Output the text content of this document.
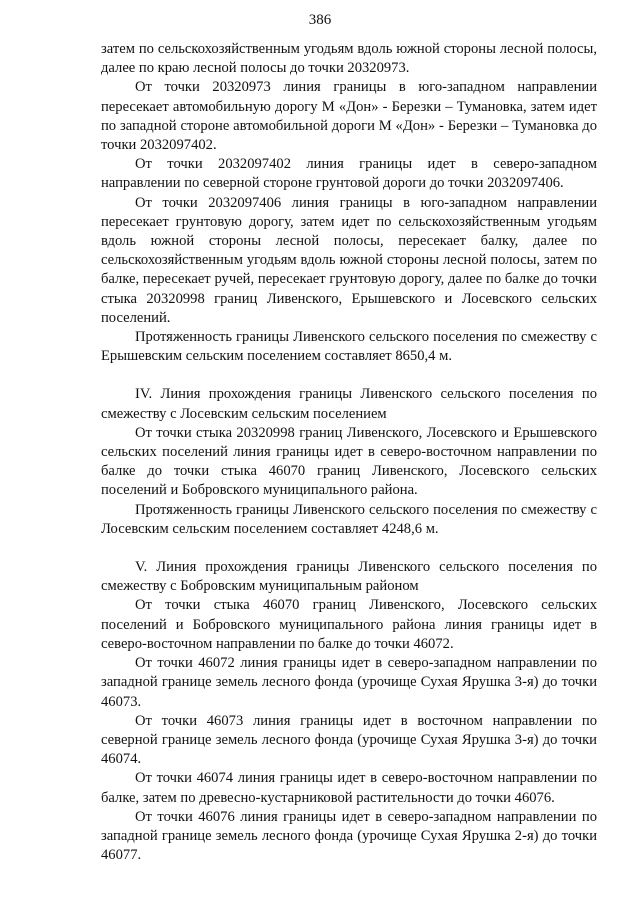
386

затем по сельскохозяйственным угодьям вдоль южной стороны лесной полосы, далее по краю лесной полосы до точки 20320973.

От точки 20320973 линия границы в юго-западном направлении пересекает автомобильную дорогу М «Дон» - Березки – Тумановка, затем идет по западной стороне автомобильной дороги М «Дон» - Березки – Тумановка до точки 2032097402.

От точки 2032097402 линия границы идет в северо-западном направлении по северной стороне грунтовой дороги до точки 2032097406.

От точки 2032097406 линия границы в юго-западном направлении пересекает грунтовую дорогу, затем идет по сельскохозяйственным угодьям вдоль южной стороны лесной полосы, пересекает балку, далее по сельскохозяйственным угодьям вдоль южной стороны лесной полосы, затем по балке, пересекает ручей, пересекает грунтовую дорогу, далее по балке до точки стыка 20320998 границ Ливенского, Ерышевского и Лосевского сельских поселений.

Протяженность границы Ливенского сельского поселения по смежеству с Ерышевским сельским поселением составляет 8650,4 м.

IV. Линия прохождения границы Ливенского сельского поселения по смежеству с Лосевским сельским поселением

От точки стыка 20320998 границ Ливенского, Лосевского и Ерышевского сельских поселений линия границы идет в северо-восточном направлении по балке до точки стыка 46070 границ Ливенского, Лосевского сельских поселений и Бобровского муниципального района.

Протяженность границы Ливенского сельского поселения по смежеству с Лосевским сельским поселением составляет 4248,6 м.

V. Линия прохождения границы Ливенского сельского поселения по смежеству с Бобровским муниципальным районом

От точки стыка 46070 границ Ливенского, Лосевского сельских поселений и Бобровского муниципального района линия границы идет в северо-восточном направлении по балке до точки 46072.

От точки 46072 линия границы идет в северо-западном направлении по западной границе земель лесного фонда (урочище Сухая Ярушка 3-я) до точки 46073.

От точки 46073 линия границы идет в восточном направлении по северной границе земель лесного фонда (урочище Сухая Ярушка 3-я) до точки 46074.

От точки 46074 линия границы идет в северо-восточном направлении по балке, затем по древесно-кустарниковой растительности до точки 46076.

От точки 46076 линия границы идет в северо-западном направлении по западной границе земель лесного фонда (урочище Сухая Ярушка 2-я) до точки 46077.
